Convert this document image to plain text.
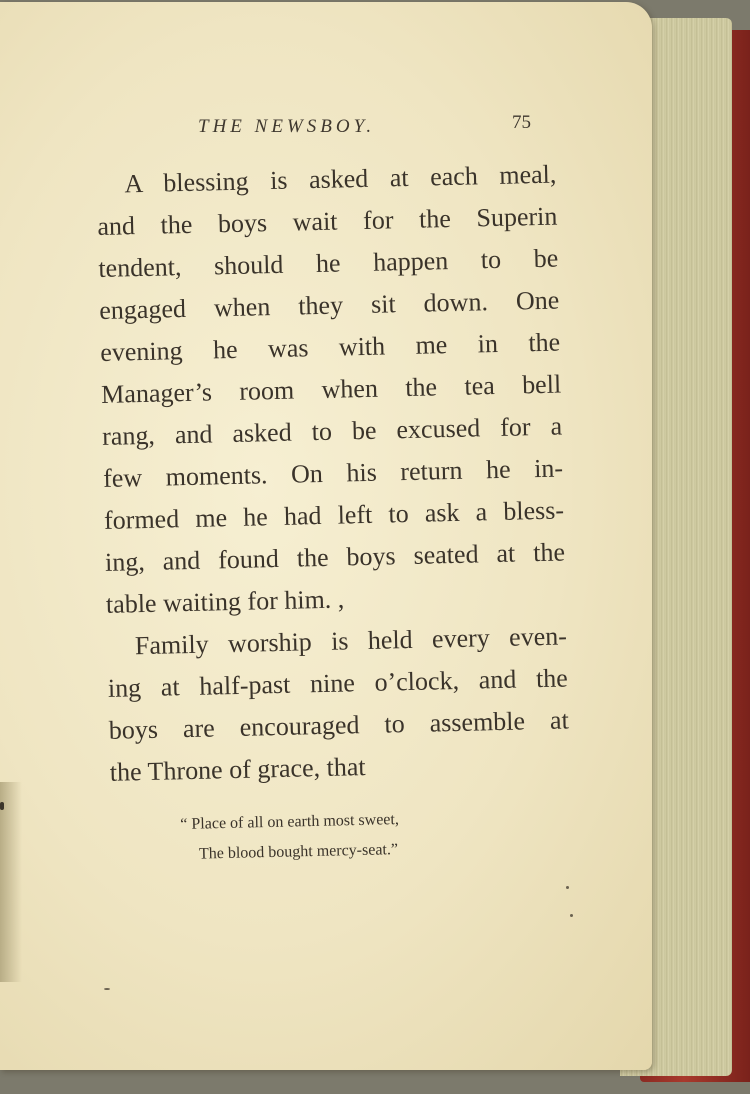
THE NEWSBOY.	75
A blessing is asked at each meal,
and the boys wait for the Superin
tendent, should he happen to be
engaged when they sit down. One
evening he was with me in the
Manager’s room when the tea bell
rang, and asked to be excused for a
few moments. On his return he in-
formed me he had left to ask a bless-
ing, and found the boys seated at the
table waiting for him. ,
Family worship is held every even-
ing at half-past nine o’clock, and the
boys are encouraged to assemble at
the Throne of grace, that
“ Place of all on earth most sweet,
The blood bought mercy-seat.”
